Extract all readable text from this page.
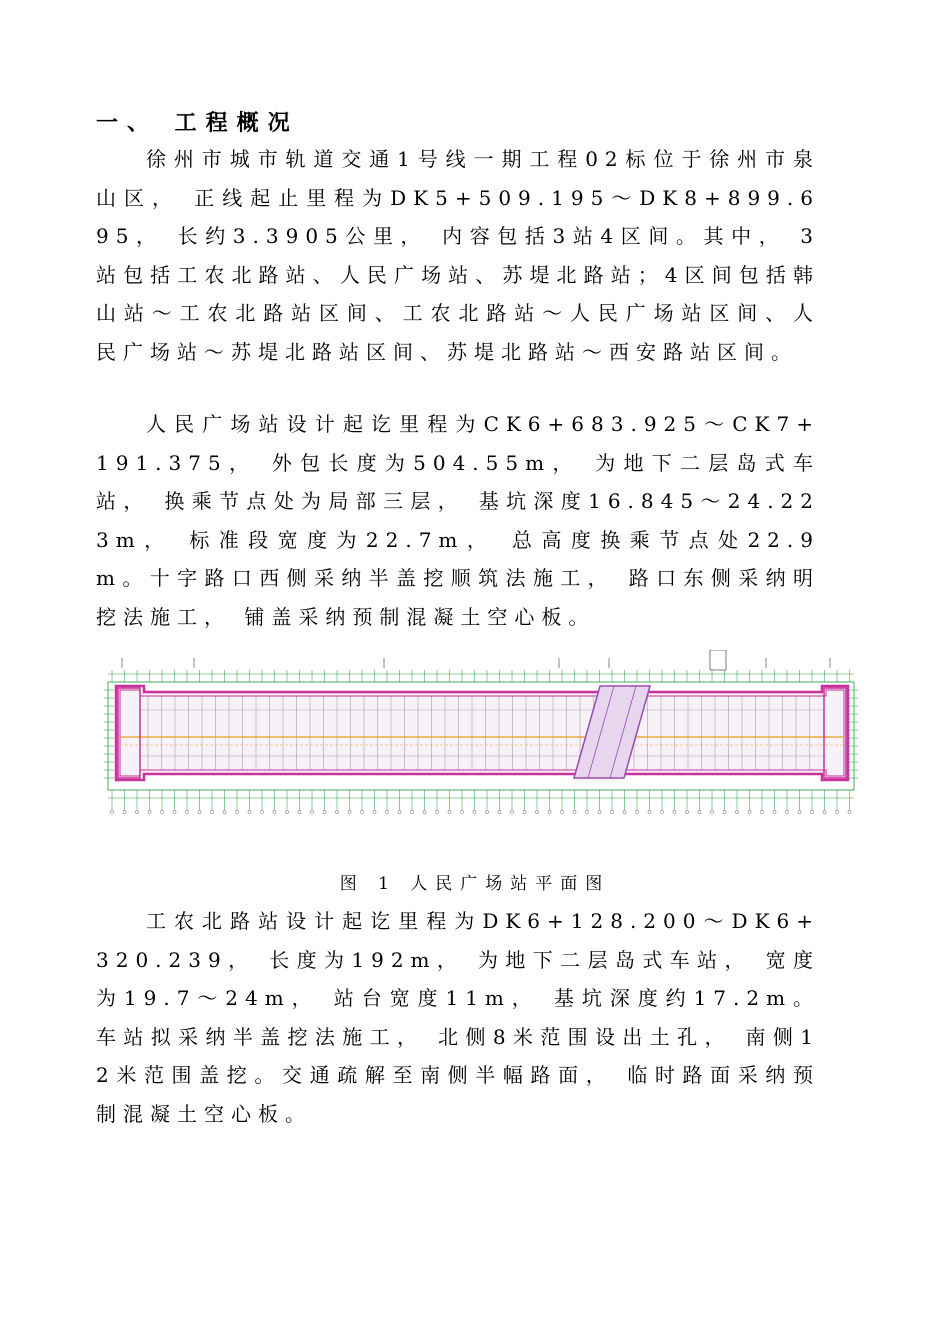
一、 工程概况

徐州市城市轨道交通1号线一期工程02标位于徐州市泉山区， 正线起止里程为DK5+509.195～DK8+899.695， 长约3.3905公里， 内容包括3站4区间。其中， 3站包括工农北路站、人民广场站、苏堤北路站；4区间包括韩山站～工农北路站区间、工农北路站～人民广场站区间、人民广场站～苏堤北路站区间、苏堤北路站～西安路站区间。

人民广场站设计起讫里程为CK6+683.925～CK7+191.375， 外包长度为504.55m， 为地下二层岛式车站， 换乘节点处为局部三层， 基坑深度16.845～24.223m， 标准段宽度为22.7m， 总高度换乘节点处22.9m。十字路口西侧采纳半盖挖顺筑法施工， 路口东侧采纳明挖法施工， 铺盖采纳预制混凝土空心板。

图 1 人民广场站平面图

工农北路站设计起讫里程为DK6+128.200～DK6+320.239， 长度为192m， 为地下二层岛式车站， 宽度为19.7～24m， 站台宽度11m， 基坑深度约17.2m。车站拟采纳半盖挖法施工， 北侧8米范围设出土孔， 南侧12米范围盖挖。交通疏解至南侧半幅路面， 临时路面采纳预制混凝土空心板。
